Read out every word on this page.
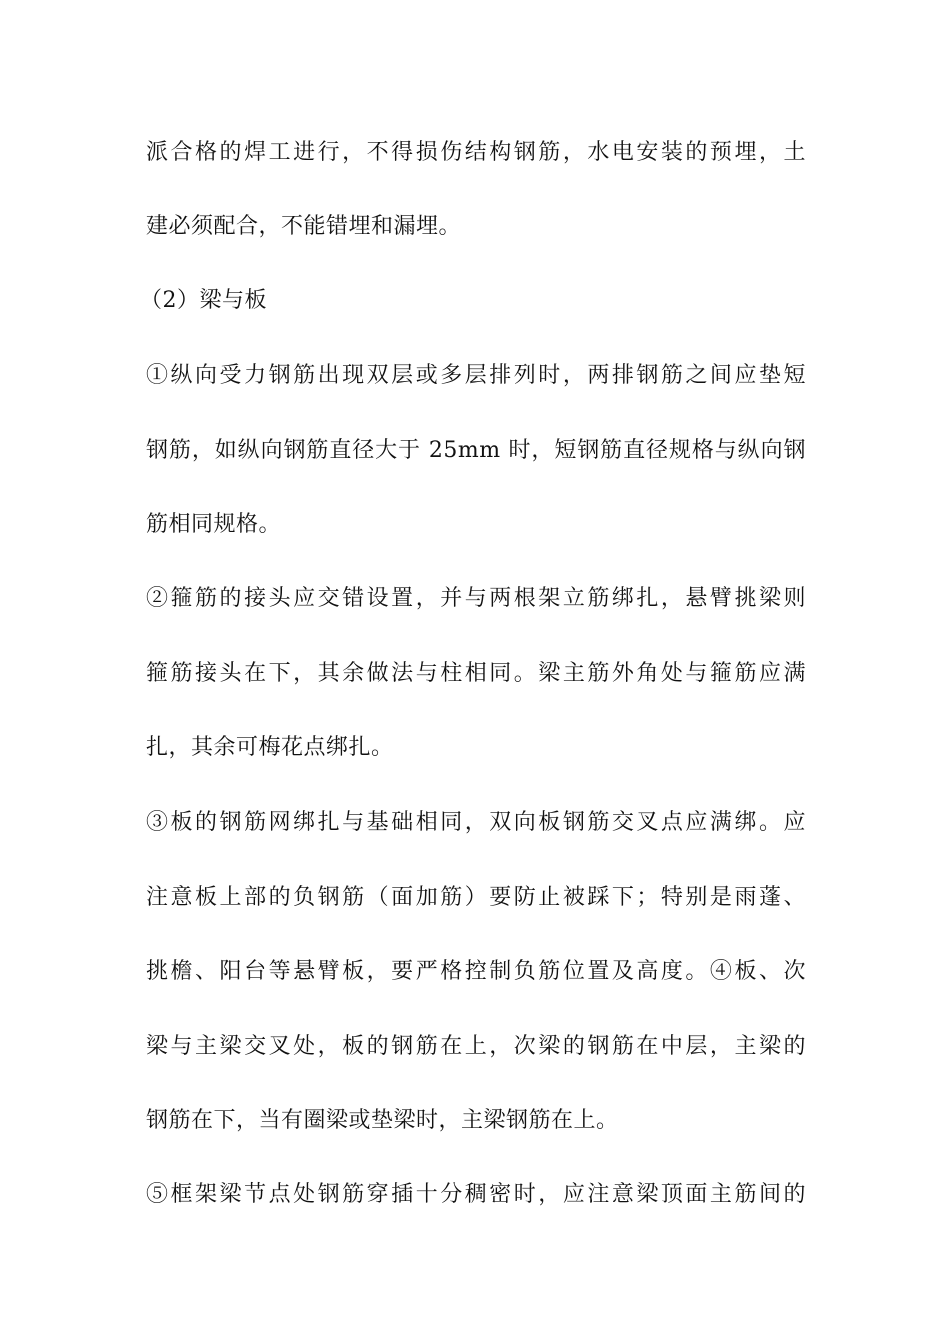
派合格的焊工进行，不得损伤结构钢筋，水电安装的预埋，土
建必须配合，不能错埋和漏埋。
（2）梁与板
①纵向受力钢筋出现双层或多层排列时，两排钢筋之间应垫短
钢筋，如纵向钢筋直径大于 25mm 时，短钢筋直径规格与纵向钢
筋相同规格。
②箍筋的接头应交错设置，并与两根架立筋绑扎，悬臂挑梁则
箍筋接头在下，其余做法与柱相同。梁主筋外角处与箍筋应满
扎，其余可梅花点绑扎。
③板的钢筋网绑扎与基础相同，双向板钢筋交叉点应满绑。应
注意板上部的负钢筋（面加筋）要防止被踩下；特别是雨蓬、
挑檐、阳台等悬臂板，要严格控制负筋位置及高度。④板、次
梁与主梁交叉处，板的钢筋在上，次梁的钢筋在中层，主梁的
钢筋在下，当有圈梁或垫梁时，主梁钢筋在上。
⑤框架梁节点处钢筋穿插十分稠密时，应注意梁顶面主筋间的
